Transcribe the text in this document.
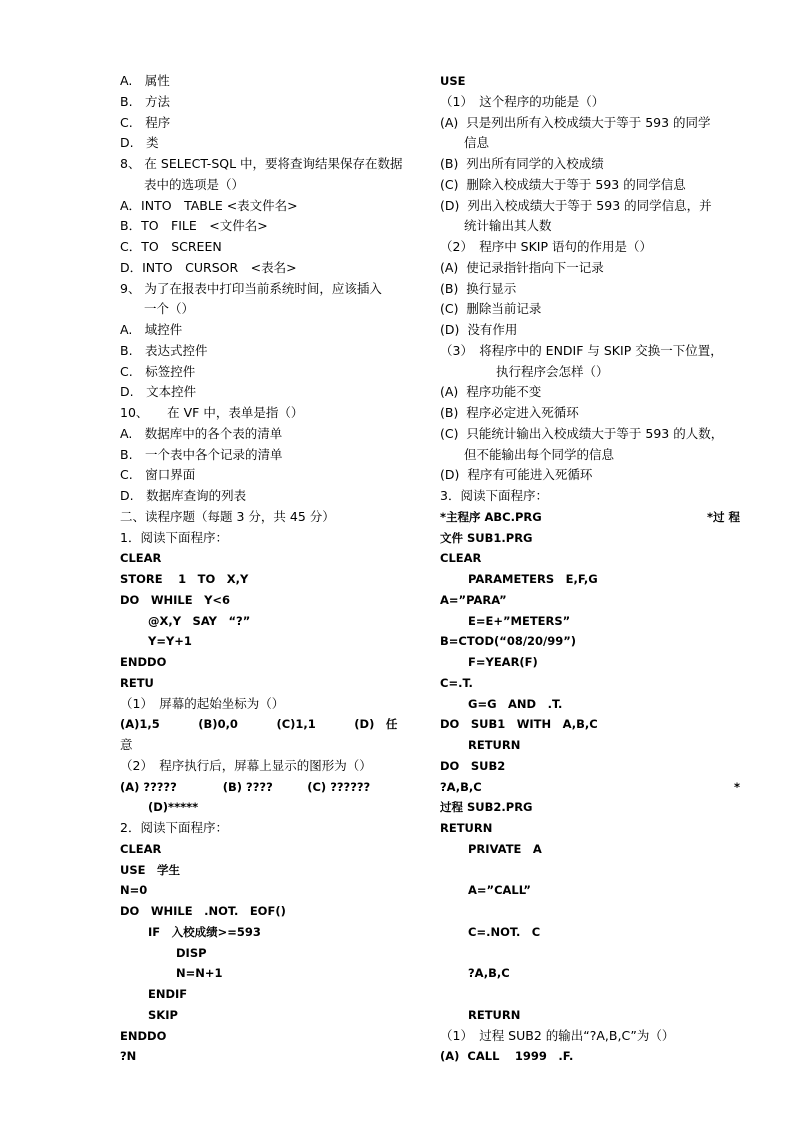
A.　属性
B.　方法
C.　程序
D.　类
8、 在 SELECT-SQL 中，要将查询结果保存在数据
表中的选项是（）
A．INTO　TABLE <表文件名>
B．TO　FILE　<文件名>
C．TO　SCREEN
D．INTO　CURSOR　<表名>
9、 为了在报表中打印当前系统时间，应该插入
一个（）
A.　域控件
B.　表达式控件
C.　标签控件
D.　文本控件
10、　　在 VF 中，表单是指（）
A.　数据库中的各个表的清单
B.　一个表中各个记录的清单
C.　窗口界面
D.　数据库查询的列表
二、读程序题（每题 3 分，共 45 分）
1．阅读下面程序：
CLEAR
STORE　 1　TO　X,Y
DO　WHILE　Y<6
@X,Y　SAY　“?”
Y=Y+1
ENDDO
RETU
（1）　屏幕的起始坐标为（）
(A)1,5　　　 (B)0,0　　　 (C)1,1　　　 (D)　任
意
（2）　程序执行后，屏幕上显示的图形为（）
(A) ?????　　　　(B) ????　　　(C) ??????
(D)*****
2．阅读下面程序：
CLEAR
USE　学生
N=0
DO　WHILE　.NOT.　EOF()
IF　入校成绩>=593
DISP
N=N+1
ENDIF
SKIP
ENDDO
?N
USE
（1）　这个程序的功能是（）
(A)  只是列出所有入校成绩大于等于 593 的同学
信息
(B)  列出所有同学的入校成绩
(C)  删除入校成绩大于等于 593 的同学信息
(D)  列出入校成绩大于等于 593 的同学信息，并
统计输出其人数
（2）　程序中 SKIP 语句的作用是（）
(A)  使记录指针指向下一记录
(B)  换行显示
(C)  删除当前记录
(D)  没有作用
（3）　将程序中的 ENDIF 与 SKIP 交换一下位置，
执行程序会怎样（）
(A)  程序功能不变
(B)  程序必定进入死循环
(C)  只能统计输出入校成绩大于等于 593 的人数，
但不能输出每个同学的信息
(D)  程序有可能进入死循环
3．阅读下面程序：
*主程序 ABC.PRG	*过 程
文件 SUB1.PRG
CLEAR
PARAMETERS　E,F,G
A=”PARA”
E=E+”METERS”
B=CTOD(“08/20/99”)
F=YEAR(F)
C=.T.
G=G　AND　.T.
DO　SUB1　WITH　A,B,C
RETURN
DO　SUB2
?A,B,C	*
过程 SUB2.PRG
RETURN
PRIVATE　A
A=”CALL”
C=.NOT.　C
?A,B,C
RETURN
（1）　过程 SUB2 的输出“?A,B,C”为（）
(A)  CALL　 1999　.F.
